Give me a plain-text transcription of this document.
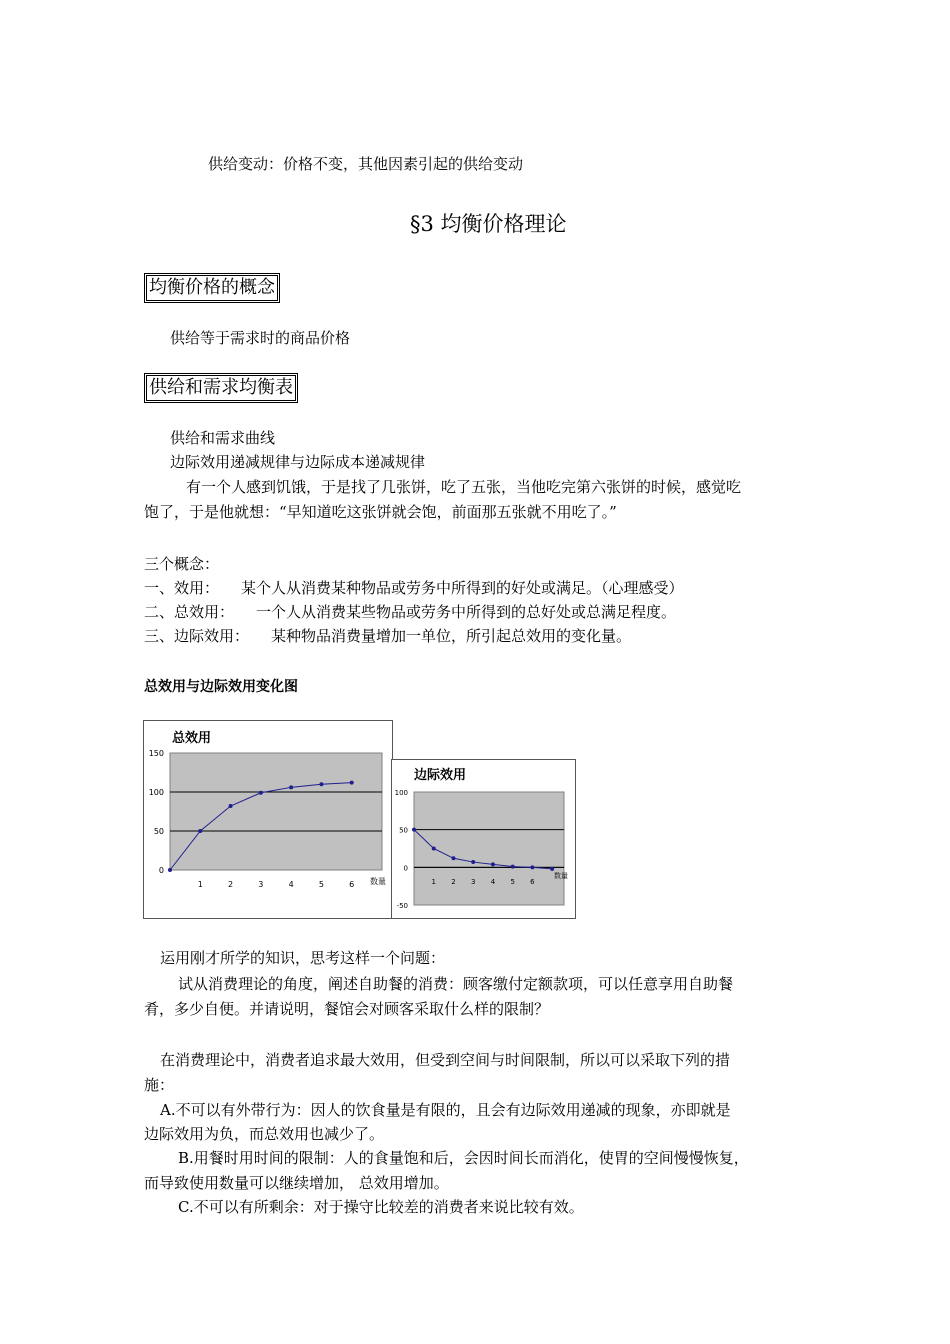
供给变动：价格不变，其他因素引起的供给变动
§3 均衡价格理论
均衡价格的概念
供给等于需求时的商品价格
供给和需求均衡表
供给和需求曲线
边际效用递减规律与边际成本递减规律
有一个人感到饥饿，于是找了几张饼，吃了五张，当他吃完第六张饼的时候，感觉吃
饱了，于是他就想：“早知道吃这张饼就会饱，前面那五张就不用吃了。”
三个概念：
一、效用： 某个人从消费某种物品或劳务中所得到的好处或满足。（心理感受）
二、总效用： 一个人从消费某些物品或劳务中所得到的总好处或总满足程度。
三、边际效用： 某种物品消费量增加一单位，所引起总效用的变化量。
总效用与边际效用变化图
总效用
0
50
100
150
1	2	3	4	5	6 数量
边际效用
-50
0
50
100
1 2 3 4 5 6
数量
运用刚才所学的知识，思考这样一个问题：
试从消费理论的角度，阐述自助餐的消费：顾客缴付定额款项，可以任意享用自助餐
肴，多少自便。并请说明，餐馆会对顾客采取什么样的限制？
在消费理论中，消费者追求最大效用，但受到空间与时间限制，所以可以采取下列的措
施：
A.不可以有外带行为：因人的饮食量是有限的，且会有边际效用递减的现象，亦即就是
边际效用为负，而总效用也减少了。
B.用餐时用时间的限制：人的食量饱和后，会因时间长而消化，使胃的空间慢慢恢复，
而导致使用数量可以继续增加， 总效用增加。
C.不可以有所剩余：对于操守比较差的消费者来说比较有效。
